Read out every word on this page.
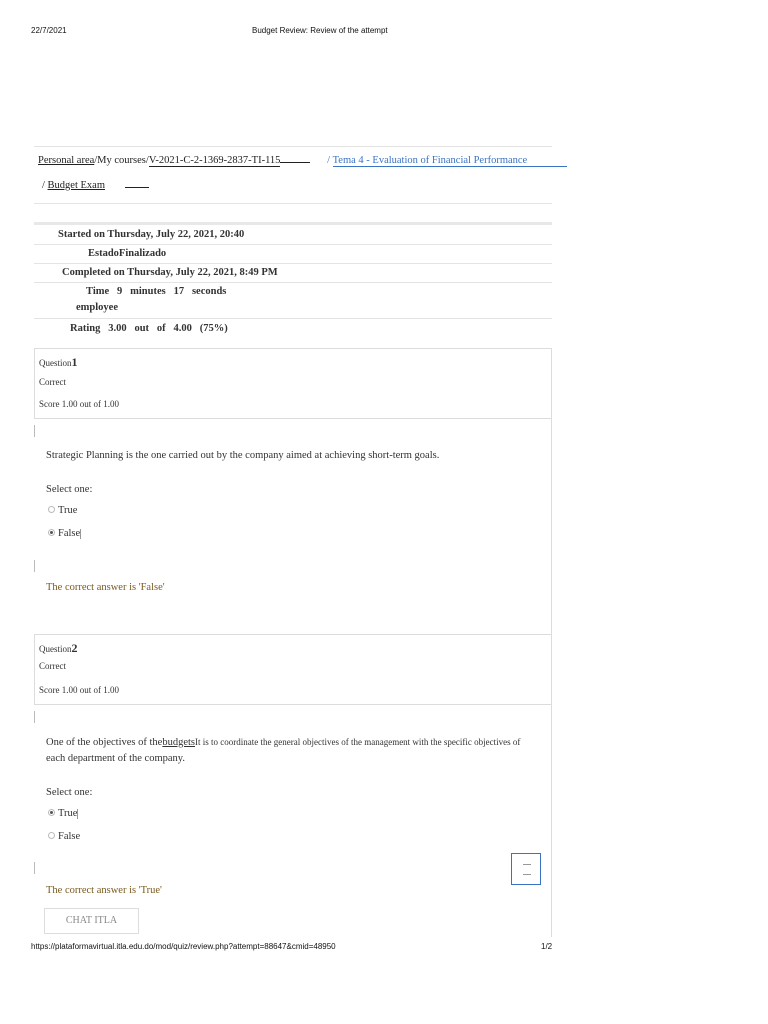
22/7/2021	Budget Review: Review of the attempt
Personal area/My courses/V-2021-C-2-1369-2837-TI-115	/ Tema 4 - Evaluation of Financial Performance
/ Budget Exam
Started on Thursday, July 22, 2021, 20:40
EstadoFinalizado
Completed on Thursday, July 22, 2021, 8:49 PM
Time   9   minutes   17   seconds
employee
Rating   3.00   out   of   4.00   (75%)
Question1
Correct
Score 1.00 out of 1.00
Strategic Planning is the one carried out by the company aimed at achieving short-term goals.
Select one:
True
False
The correct answer is 'False'
Question2
Correct
Score 1.00 out of 1.00
One of the objectives of thebudgetsIt is to coordinate the general objectives of the management with the specific objectives of
each department of the company.
Select one:
True
False
The correct answer is 'True'
CHAT ITLA
https://plataformavirtual.itla.edu.do/mod/quiz/review.php?attempt=88647&cmid=48950	1/2
